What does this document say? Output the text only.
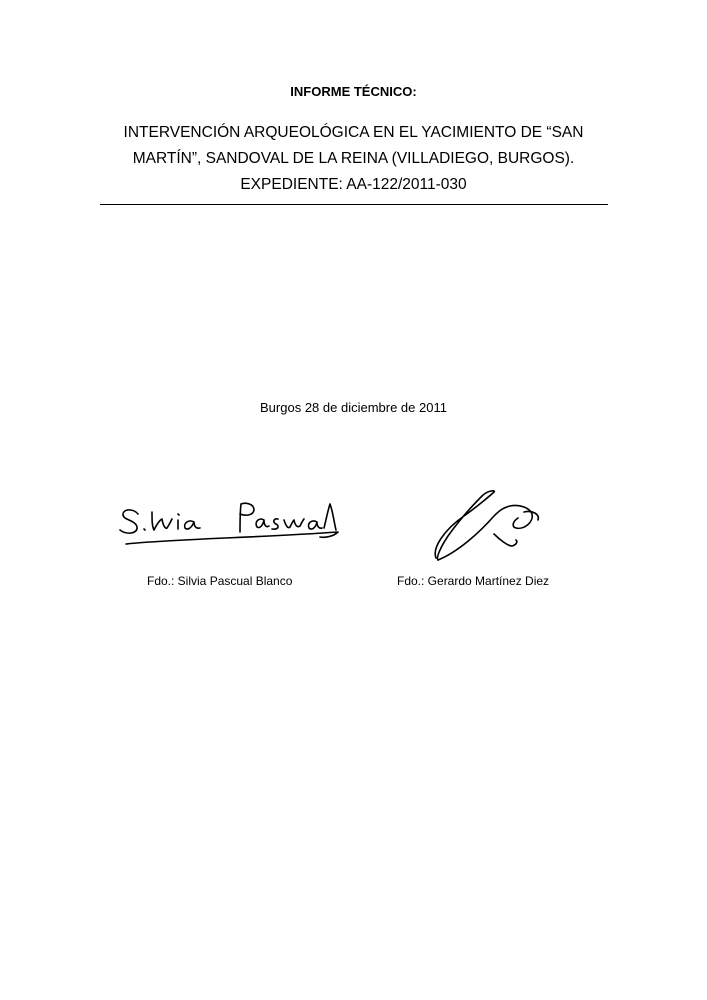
INFORME TÉCNICO:
INTERVENCIÓN ARQUEOLÓGICA EN EL YACIMIENTO DE “SAN
MARTÍN”, SANDOVAL DE LA REINA (VILLADIEGO, BURGOS).
EXPEDIENTE: AA-122/2011-030
Burgos 28 de diciembre de 2011
Fdo.: Silvia Pascual Blanco	Fdo.: Gerardo Martínez Diez
